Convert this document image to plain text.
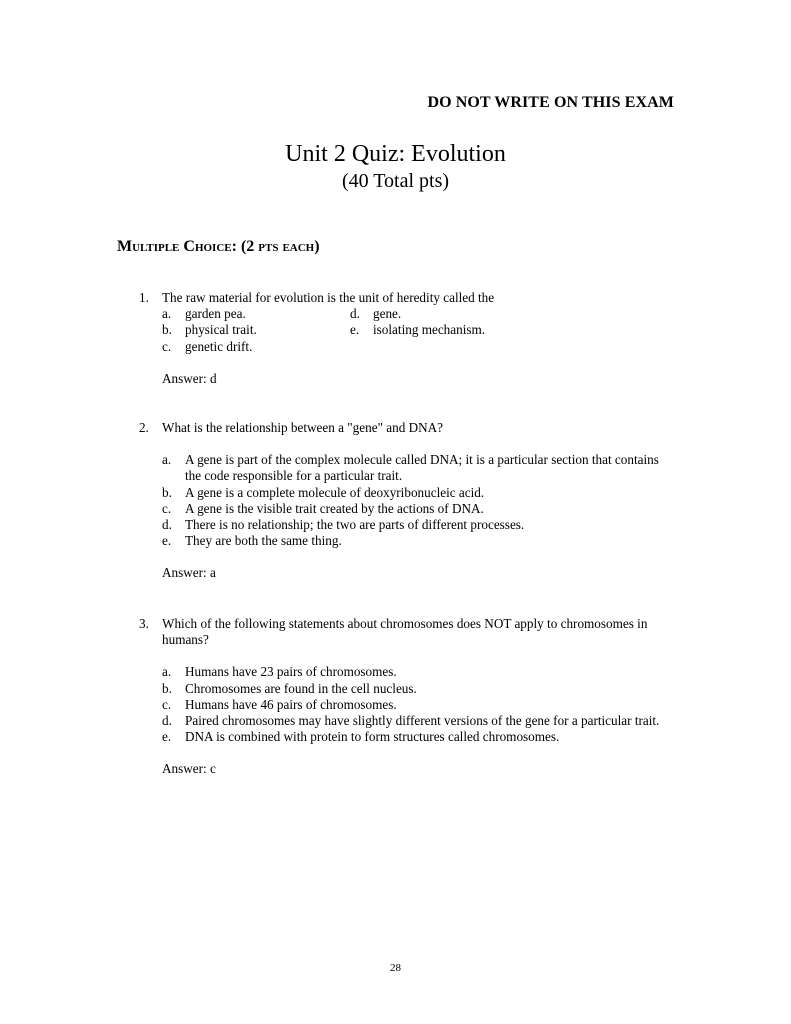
DO NOT WRITE ON THIS EXAM
Unit 2 Quiz: Evolution
(40 Total pts)
Multiple Choice: (2 pts each)
1. The raw material for evolution is the unit of heredity called the
a.	garden pea.	d. gene.
b. physical trait.	e.	isolating mechanism.
c.	genetic drift.
Answer: d
2. What is the relationship between a "gene" and DNA?
a.	A gene is part of the complex molecule called DNA; it is a particular section that contains the code responsible for a particular trait.
b. A gene is a complete molecule of deoxyribonucleic acid.
c.	A gene is the visible trait created by the actions of DNA.
d. There is no relationship; the two are parts of different processes.
e.	They are both the same thing.
Answer: a
3. Which of the following statements about chromosomes does NOT apply to chromosomes in humans?
a.	Humans have 23 pairs of chromosomes.
b. Chromosomes are found in the cell nucleus.
c.	Humans have 46 pairs of chromosomes.
d. Paired chromosomes may have slightly different versions of the gene for a particular trait.
e.	DNA is combined with protein to form structures called chromosomes.
Answer: c
28
